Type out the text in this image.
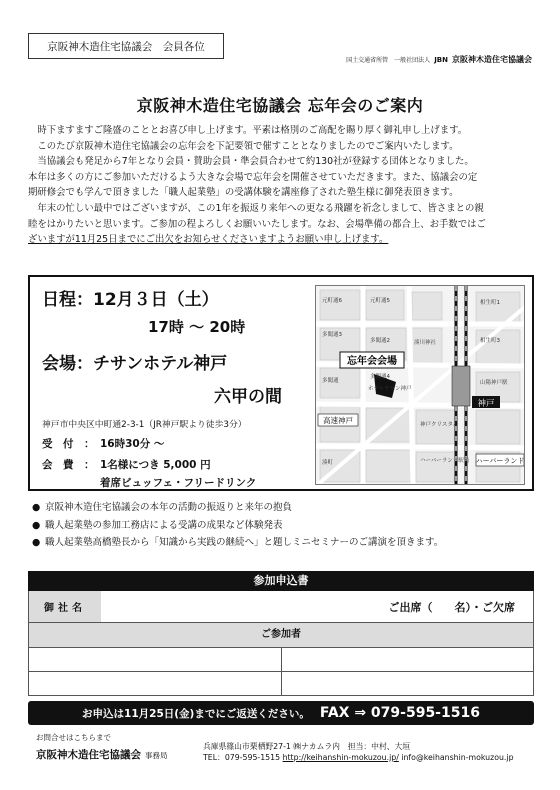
京阪神木造住宅協議会　会員各位
国土交通省所管　一般社団法人 JBN 京阪神木造住宅協議会
京阪神木造住宅協議会 忘年会のご案内

　時下ますますご隆盛のこととお喜び申し上げます。平素は格別のご高配を賜り厚く御礼申し上げます。

　このたび京阪神木造住宅協議会の忘年会を下記要領で催すこととなりましたのでご案内いたします。

　当協議会も発足から7年となり会員・賛助会員・準会員合わせて約130社が登録する団体となりました。

本年は多くの方にご参加いただけるよう大きな会場で忘年会を開催させていただきます。また、協議会の定

期研修会でも学んで頂きました「職人起業塾」の受講体験を講座修了された塾生様に御発表頂きます。

　年末の忙しい最中ではございますが、この1年を振返り来年への更なる飛躍を祈念しまして、皆さまとの親

睦をはかりたいと思います。ご参加の程よろしくお願いいたします。なお、会場準備の都合上、お手数ではご

ざいますが11月25日までにご出欠をお知らせくださいますようお願い申し上げます。

日程：12月３日（土）
17時 ～ 20時
会場：チサンホテル神戸
六甲の間
神戸市中央区中町通2-3-1（JR神戸駅より徒歩3分）
受　付　： 16時30分 ～
会　費　： 1名様につき 5,000 円
着席ビュッフェ・フリードリンク
忘年会会場
神戸
高速神戸
ハーバーランド
多聞通3
多聞通4
多聞通2	相生町3
相生町1
元町通6	元町通5
湊町
湊川神社
ホテルチサン神戸
多聞通
神戸クリスタル
山陽神戸駅
ハーバーランド駅前
● 京阪神木造住宅協議会の本年の活動の振返りと来年の抱負
● 職人起業塾の参加工務店による受講の成果など体験発表
● 職人起業塾高橋塾長から「知識から実践の継続へ」と題しミニセミナーのご講演を頂きます。
参加申込書
御社名	ご出席（　　名）・ご欠席
ご参加者
お申込は11月25日(金)までにご返送ください。 FAX ⇒ 079-595-1516
お問合せはこちらまで
京阪神木造住宅協議会 事務局
兵庫県篠山市栗栖野27-1 ㈱ナカムラ内　担当：中村、大垣
TEL：079-595-1515 http://keihanshin-mokuzou.jp/ info@keihanshin-mokuzou.jp
